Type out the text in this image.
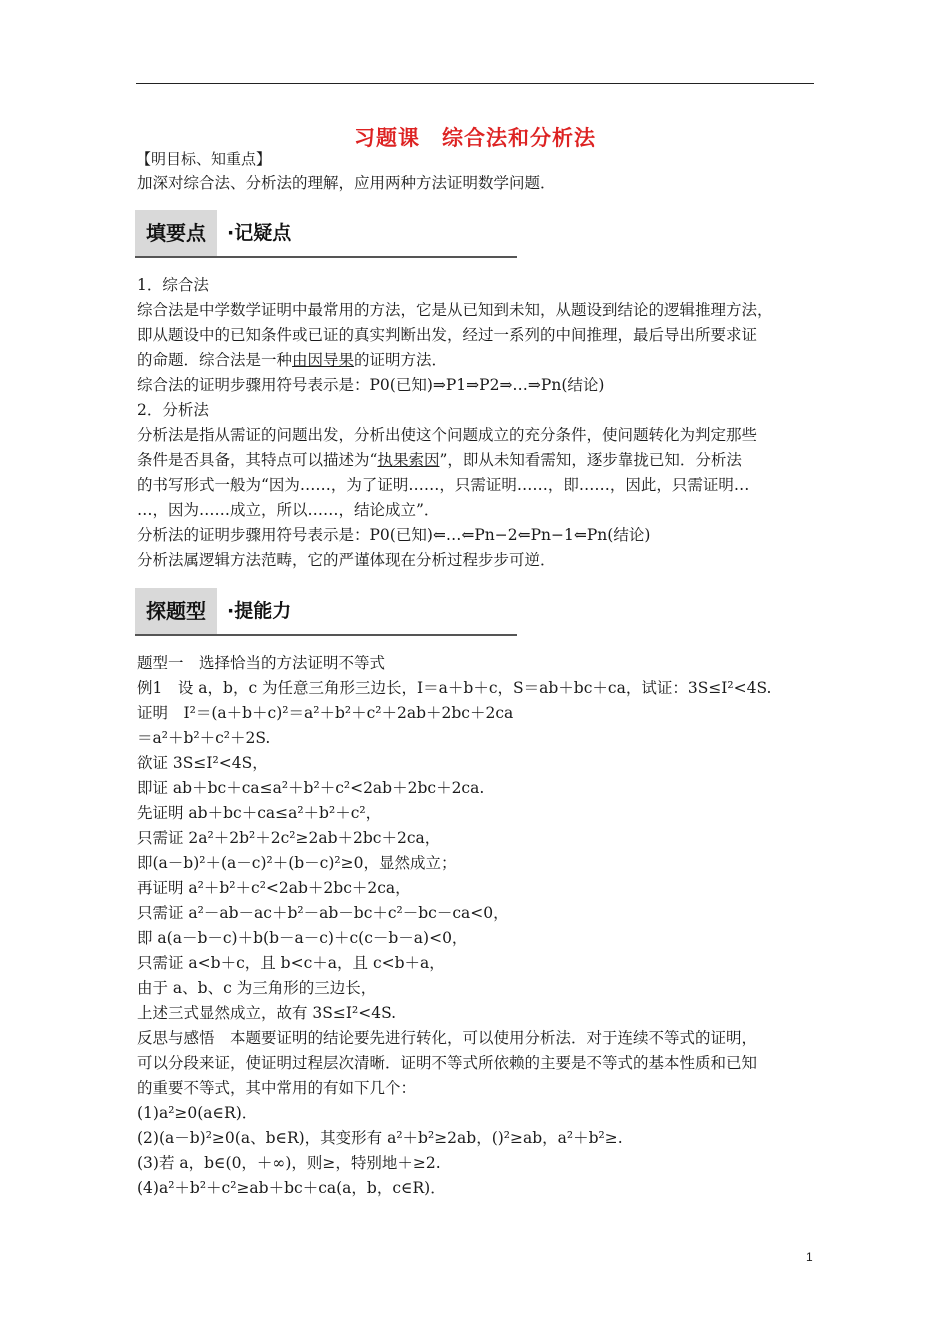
习题课　综合法和分析法
【明目标、知重点】
加深对综合法、分析法的理解，应用两种方法证明数学问题．
填要点	·记疑点
1．综合法
综合法是中学数学证明中最常用的方法，它是从已知到未知，从题设到结论的逻辑推理方法，
即从题设中的已知条件或已证的真实判断出发，经过一系列的中间推理，最后导出所要求证
的命题．综合法是一种由因导果的证明方法．
综合法的证明步骤用符号表示是：P0(已知)⇒P1⇒P2⇒…⇒Pn(结论)
2．分析法
分析法是指从需证的问题出发，分析出使这个问题成立的充分条件，使问题转化为判定那些
条件是否具备，其特点可以描述为“执果索因”，即从未知看需知，逐步靠拢已知．分析法
的书写形式一般为“因为……，为了证明……，只需证明……，即……，因此，只需证明…
…，因为……成立，所以……，结论成立”．
分析法的证明步骤用符号表示是：P0(已知)⇐…⇐Pn−2⇐Pn−1⇐Pn(结论)
分析法属逻辑方法范畴，它的严谨体现在分析过程步步可逆．
探题型	·提能力
题型一　选择恰当的方法证明不等式
例1　设 a，b，c 为任意三角形三边长，I＝a＋b＋c，S＝ab＋bc＋ca，试证：3S≤I²<4S.
证明　I²＝(a＋b＋c)²＝a²＋b²＋c²＋2ab＋2bc＋2ca
＝a²＋b²＋c²＋2S.
欲证 3S≤I²<4S，
即证 ab＋bc＋ca≤a²＋b²＋c²<2ab＋2bc＋2ca.
先证明 ab＋bc＋ca≤a²＋b²＋c²，
只需证 2a²＋2b²＋2c²≥2ab＋2bc＋2ca，
即(a－b)²＋(a－c)²＋(b－c)²≥0，显然成立；
再证明 a²＋b²＋c²<2ab＋2bc＋2ca，
只需证 a²－ab－ac＋b²－ab－bc＋c²－bc－ca<0，
即 a(a－b－c)＋b(b－a－c)＋c(c－b－a)<0，
只需证 a<b＋c，且 b<c＋a，且 c<b＋a，
由于 a、b、c 为三角形的三边长，
上述三式显然成立，故有 3S≤I²<4S.
反思与感悟　本题要证明的结论要先进行转化，可以使用分析法．对于连续不等式的证明，
可以分段来证，使证明过程层次清晰．证明不等式所依赖的主要是不等式的基本性质和已知
的重要不等式，其中常用的有如下几个：
(1)a²≥0(a∈R)．
(2)(a－b)²≥0(a、b∈R)，其变形有 a²＋b²≥2ab，()²≥ab，a²＋b²≥.
(3)若 a，b∈(0，＋∞)，则≥，特别地＋≥2.
(4)a²＋b²＋c²≥ab＋bc＋ca(a，b，c∈R)．
1
